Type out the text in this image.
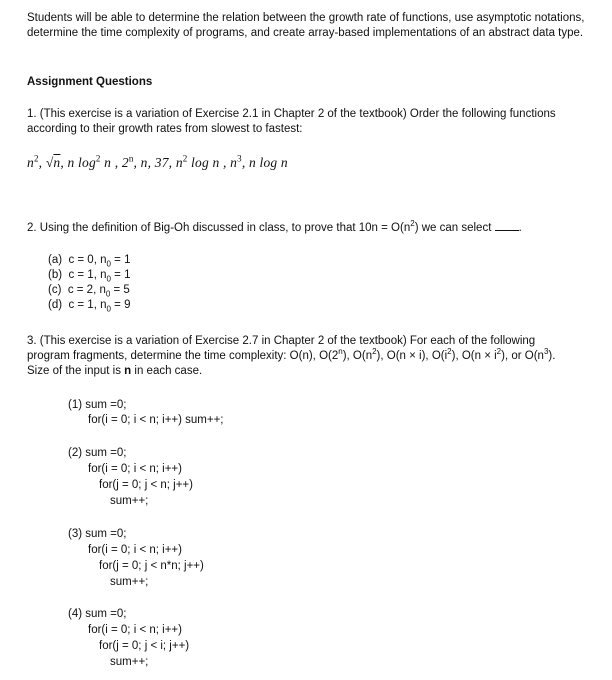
Students will be able to determine the relation between the growth rate of functions, use asymptotic notations, determine the time complexity of programs, and create array-based implementations of an abstract data type.

Assignment Questions

1. (This exercise is a variation of Exercise 2.1 in Chapter 2 of the textbook) Order the following functions according to their growth rates from slowest to fastest:

$n^2$, √n, n $\log^2 n$ , 2$^n$, n, 37, $n^2$ log n , $n^3$, n log n

2. Using the definition of Big-Oh discussed in class, to prove that $10n = O(n^2)$ we can select .

(a) c = 0, $n_0 = 1$
(b) c = 1, $n_0 = 1$
(c) c = 2, $n_0 = 5$
(d) c = 1, $n_0 = 9$

3. (This exercise is a variation of Exercise 2.7 in Chapter 2 of the textbook) For each of the following

program fragments, determine the time complexity: O(n), O(2$^n$), $O(n^2)$, O(n × i), $O(i^2)$, $O(n \times i^2)$, or $O(n^3)$.

Size of the input is n in each case.

(1) sum =0;
for(i = 0; i < n; i++) sum++;
(2) sum =0;
for(i = 0; i < n; i++)
for(j = 0; j < n; j++)
sum++;
(3) sum =0;
for(i = 0; i < n; i++)
for(j = 0; j < n*n; j++)
sum++;
(4) sum =0;
for(i = 0; i < n; i++)
for(j = 0; j < i; j++)
sum++;
